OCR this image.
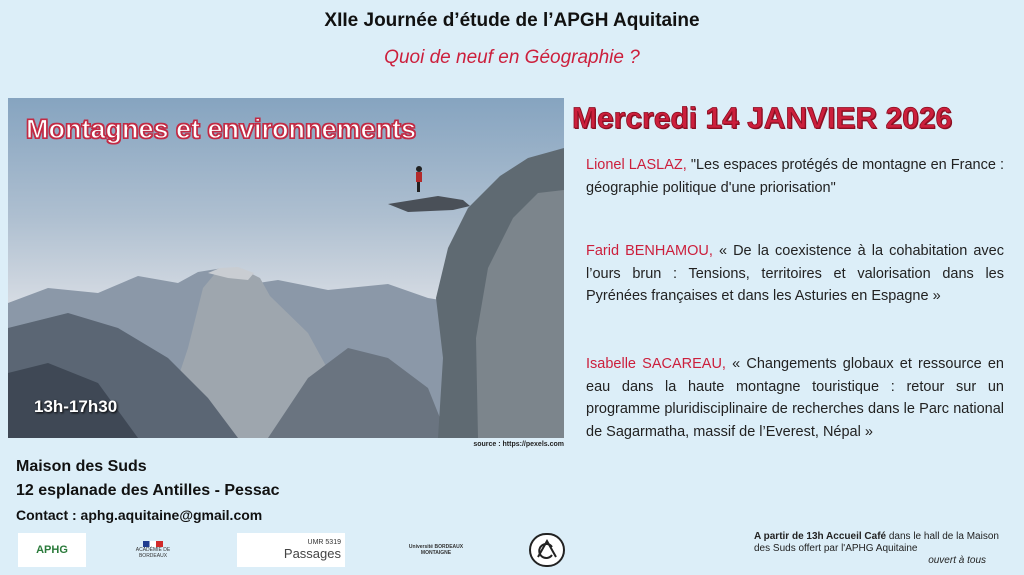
XIIe Journée d’étude de l’APGH Aquitaine
Quoi de neuf en Géographie ?
Montagnes et environnements
13h-17h30
source : https://pexels.com
Maison des Suds
12 esplanade des Antilles - Pessac
Contact : aphg.aquitaine@gmail.com
Mercredi 14 JANVIER 2026
Lionel LASLAZ, "Les espaces protégés de montagne en France : géographie politique d'une priorisation"
Farid BENHAMOU, « De la coexistence à la cohabitation avec l’ours brun : Tensions, territoires et valorisation dans les Pyrénées françaises et dans les Asturies en Espagne »
Isabelle SACAREAU, « Changements globaux et ressource en eau dans la haute montagne touristique : retour sur un programme pluridisciplinaire de recherches dans le Parc national de Sagarmatha, massif de l’Everest, Népal »
A partir de 13h Accueil Café dans le hall de la Maison des Suds offert par l'APHG Aquitaine
ouvert à tous
APHG	ACADÉMIE DE BORDEAUX
UMR 5319
Passages	Université BORDEAUX MONTAIGNE
